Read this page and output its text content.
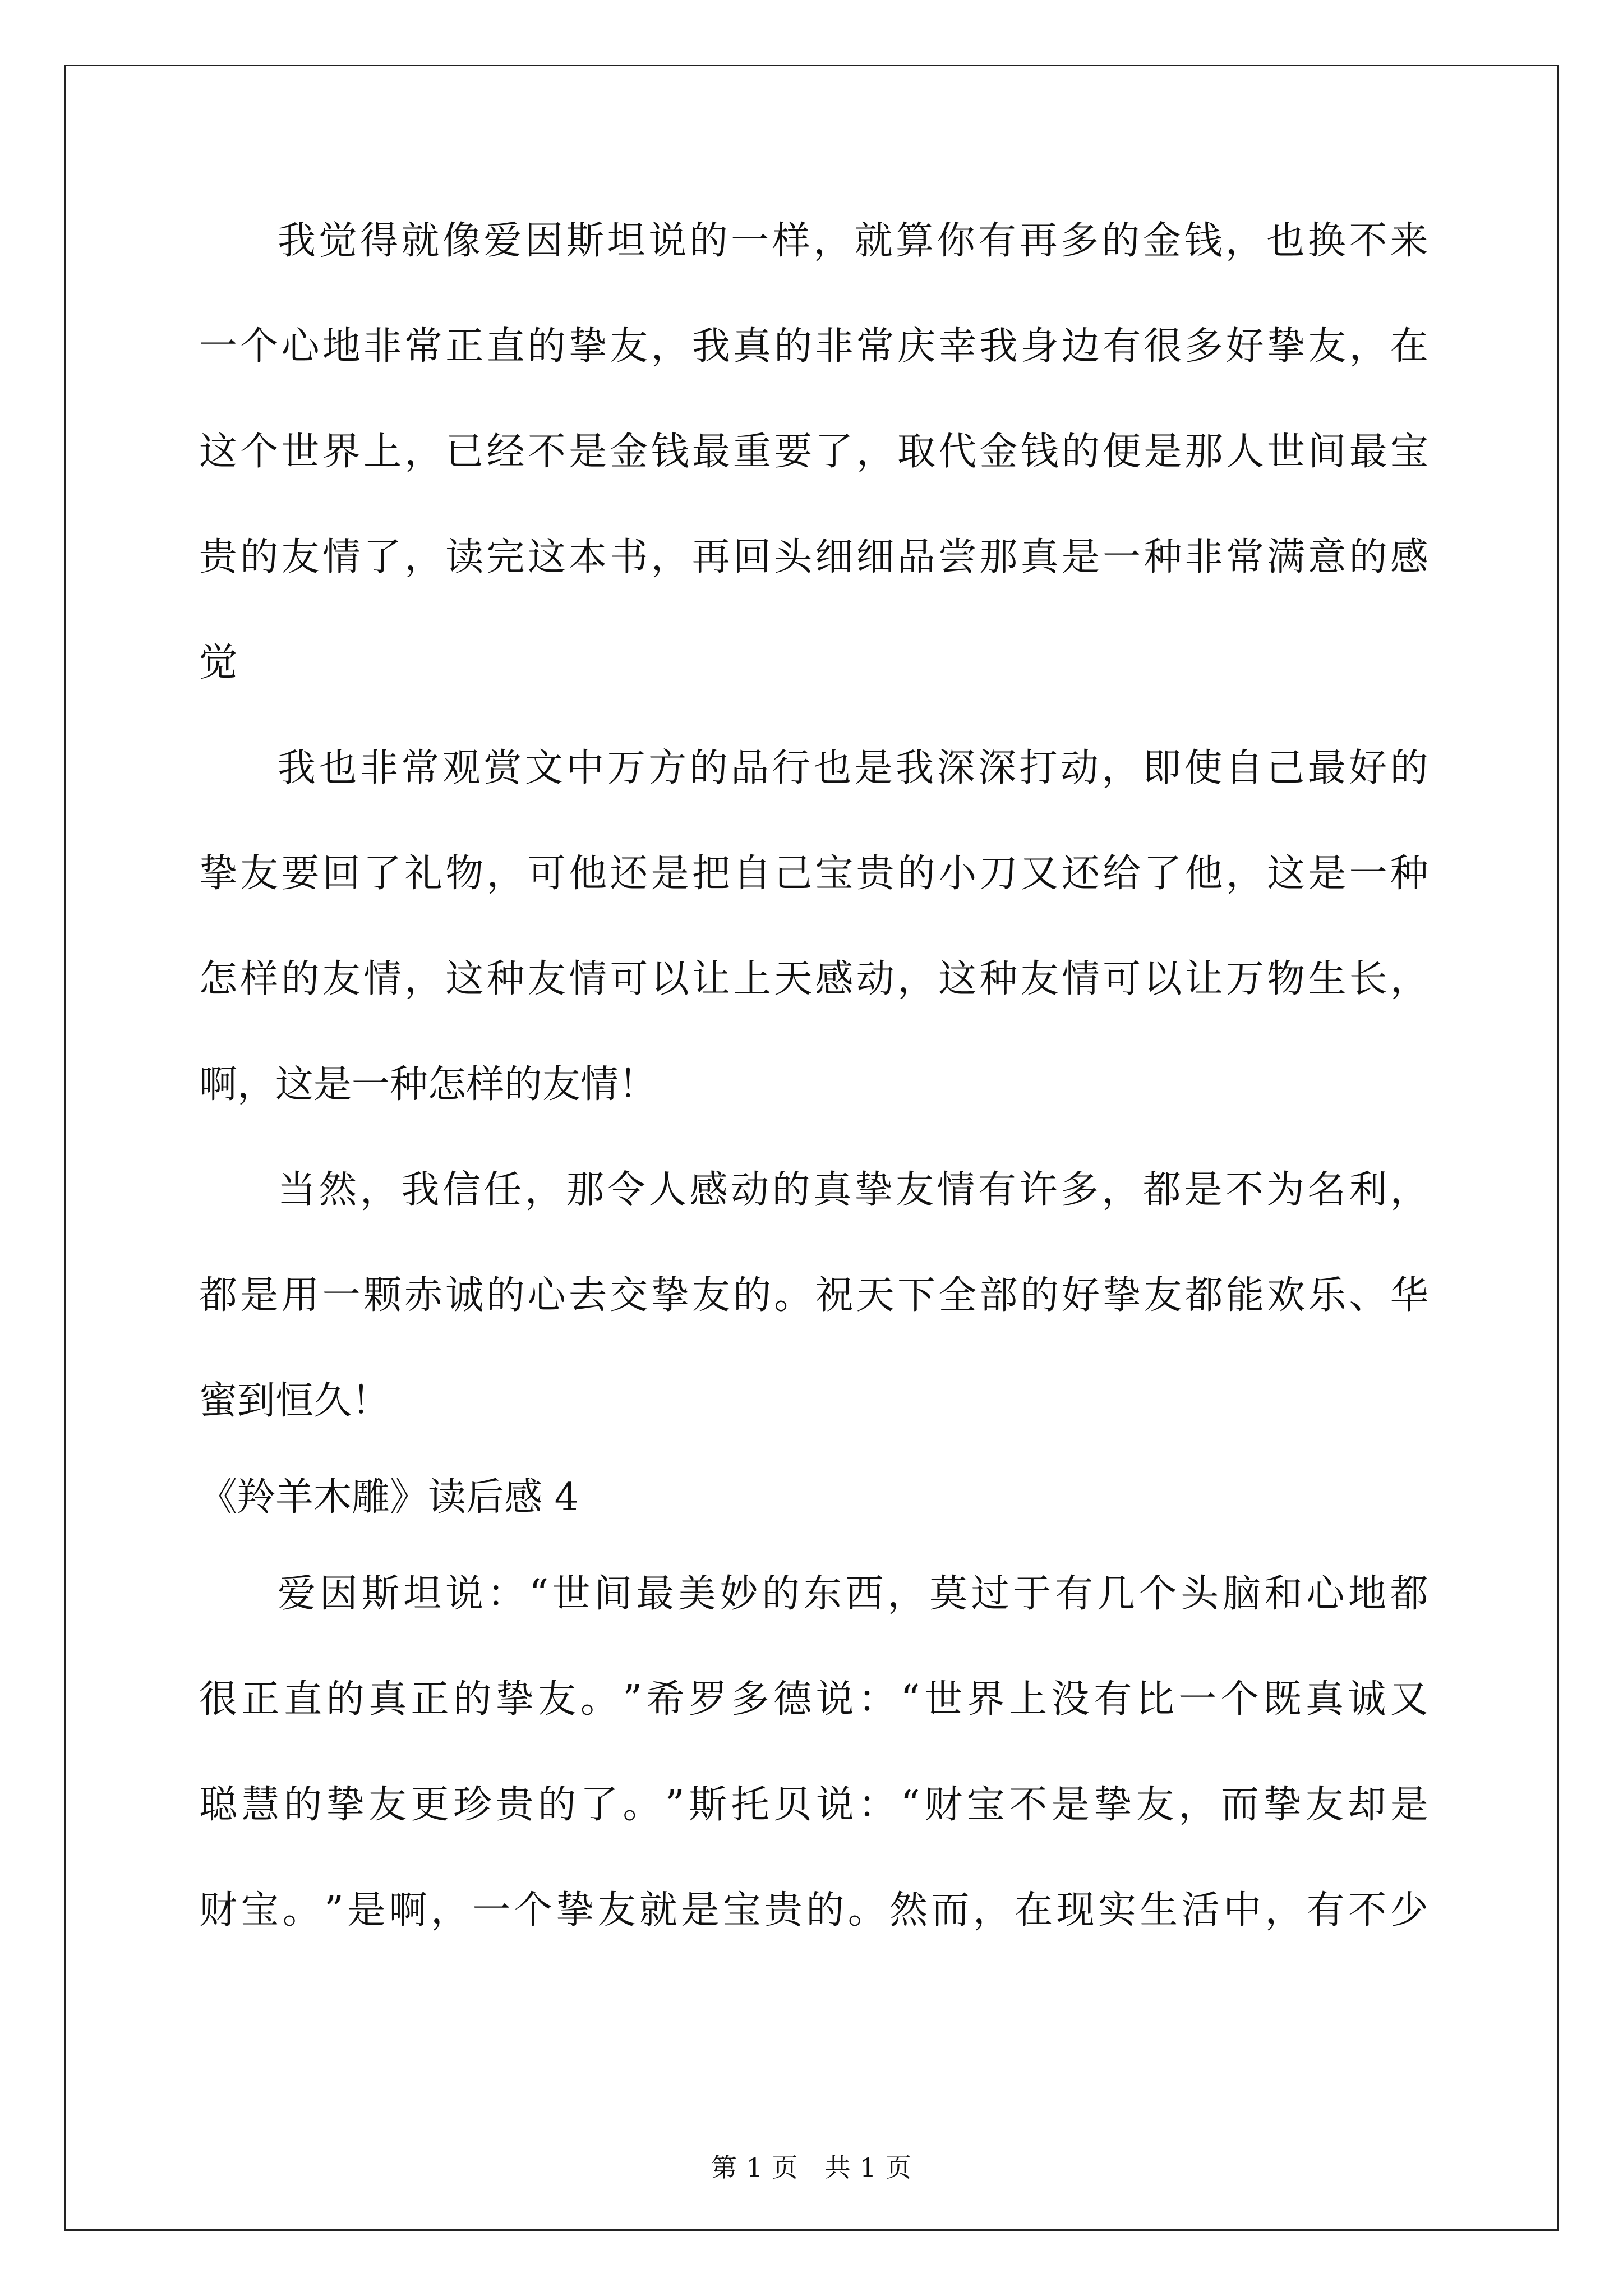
我 觉 得 就 像 爱 因 斯 坦 说 的 一 样 ， 就 算 你 有 再 多 的 金 钱 ， 也 换 不 来
一 个 心 地 非 常 正 直 的 挚 友 ， 我 真 的 非 常 庆 幸 我 身 边 有 很 多 好 挚 友 ， 在
这 个 世 界 上 ， 已 经 不 是 金 钱 最 重 要 了 ， 取 代 金 钱 的 便 是 那 人 世 间 最 宝
贵 的 友 情 了 ， 读 完 这 本 书 ， 再 回 头 细 细 品 尝 那 真 是 一 种 非 常 满 意 的 感
觉
我 也 非 常 观 赏 文 中 万 方 的 品 行 也 是 我 深 深 打 动 ， 即 使 自 己 最 好 的
挚 友 要 回 了 礼 物 ， 可 他 还 是 把 自 己 宝 贵 的 小 刀 又 还 给 了 他 ， 这 是 一 种
怎 样 的 友 情 ， 这 种 友 情 可 以 让 上 天 感 动 ， 这 种 友 情 可 以 让 万 物 生 长 ，
啊，这是一种怎样的友情！
当 然 ， 我 信 任 ， 那 令 人 感 动 的 真 挚 友 情 有 许 多 ， 都 是 不 为 名 利 ，
都 是 用 一 颗 赤 诚 的 心 去 交 挚 友 的 。 祝 天 下 全 部 的 好 挚 友 都 能 欢 乐 、 华
蜜到恒久！
《羚羊木雕》读后感 4
爱 因 斯 坦 说 ： “ 世 间 最 美 妙 的 东 西 ， 莫 过 于 有 几 个 头 脑 和 心 地 都
很 正 直 的 真 正 的 挚 友 。 ” 希 罗 多 德 说 ： “ 世 界 上 没 有 比 一 个 既 真 诚 又
聪 慧 的 挚 友 更 珍 贵 的 了 。 ” 斯 托 贝 说 ： “ 财 宝 不 是 挚 友 ， 而 挚 友 却 是
财 宝 。 ” 是 啊 ， 一 个 挚 友 就 是 宝 贵 的 。 然 而 ， 在 现 实 生 活 中 ， 有 不 少
第 1 页　共 1 页
